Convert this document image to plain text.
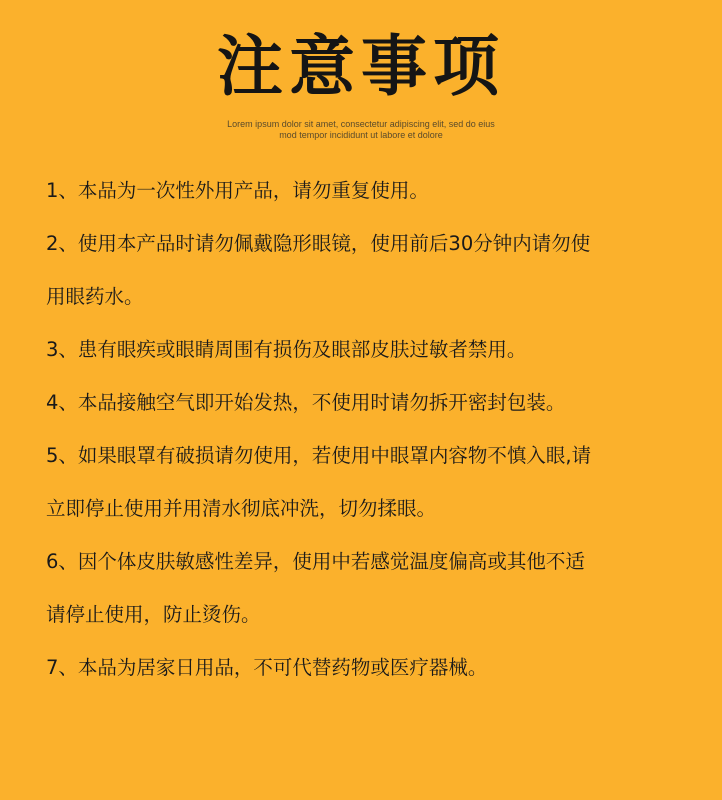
注意事项
Lorem ipsum dolor sit amet, consectetur adipiscing elit, sed do eius
mod tempor incididunt ut labore et dolore
1、本品为一次性外用产品，请勿重复使用。
2、使用本产品时请勿佩戴隐形眼镜，使用前后30分钟内请勿使
用眼药水。
3、患有眼疾或眼睛周围有损伤及眼部皮肤过敏者禁用。
4、本品接触空气即开始发热，不使用时请勿拆开密封包装。
5、如果眼罩有破损请勿使用，若使用中眼罩内容物不慎入眼,请
立即停止使用并用清水彻底冲洗，切勿揉眼。
6、因个体皮肤敏感性差异，使用中若感觉温度偏高或其他不适
请停止使用，防止烫伤。
7、本品为居家日用品，不可代替药物或医疗器械。
